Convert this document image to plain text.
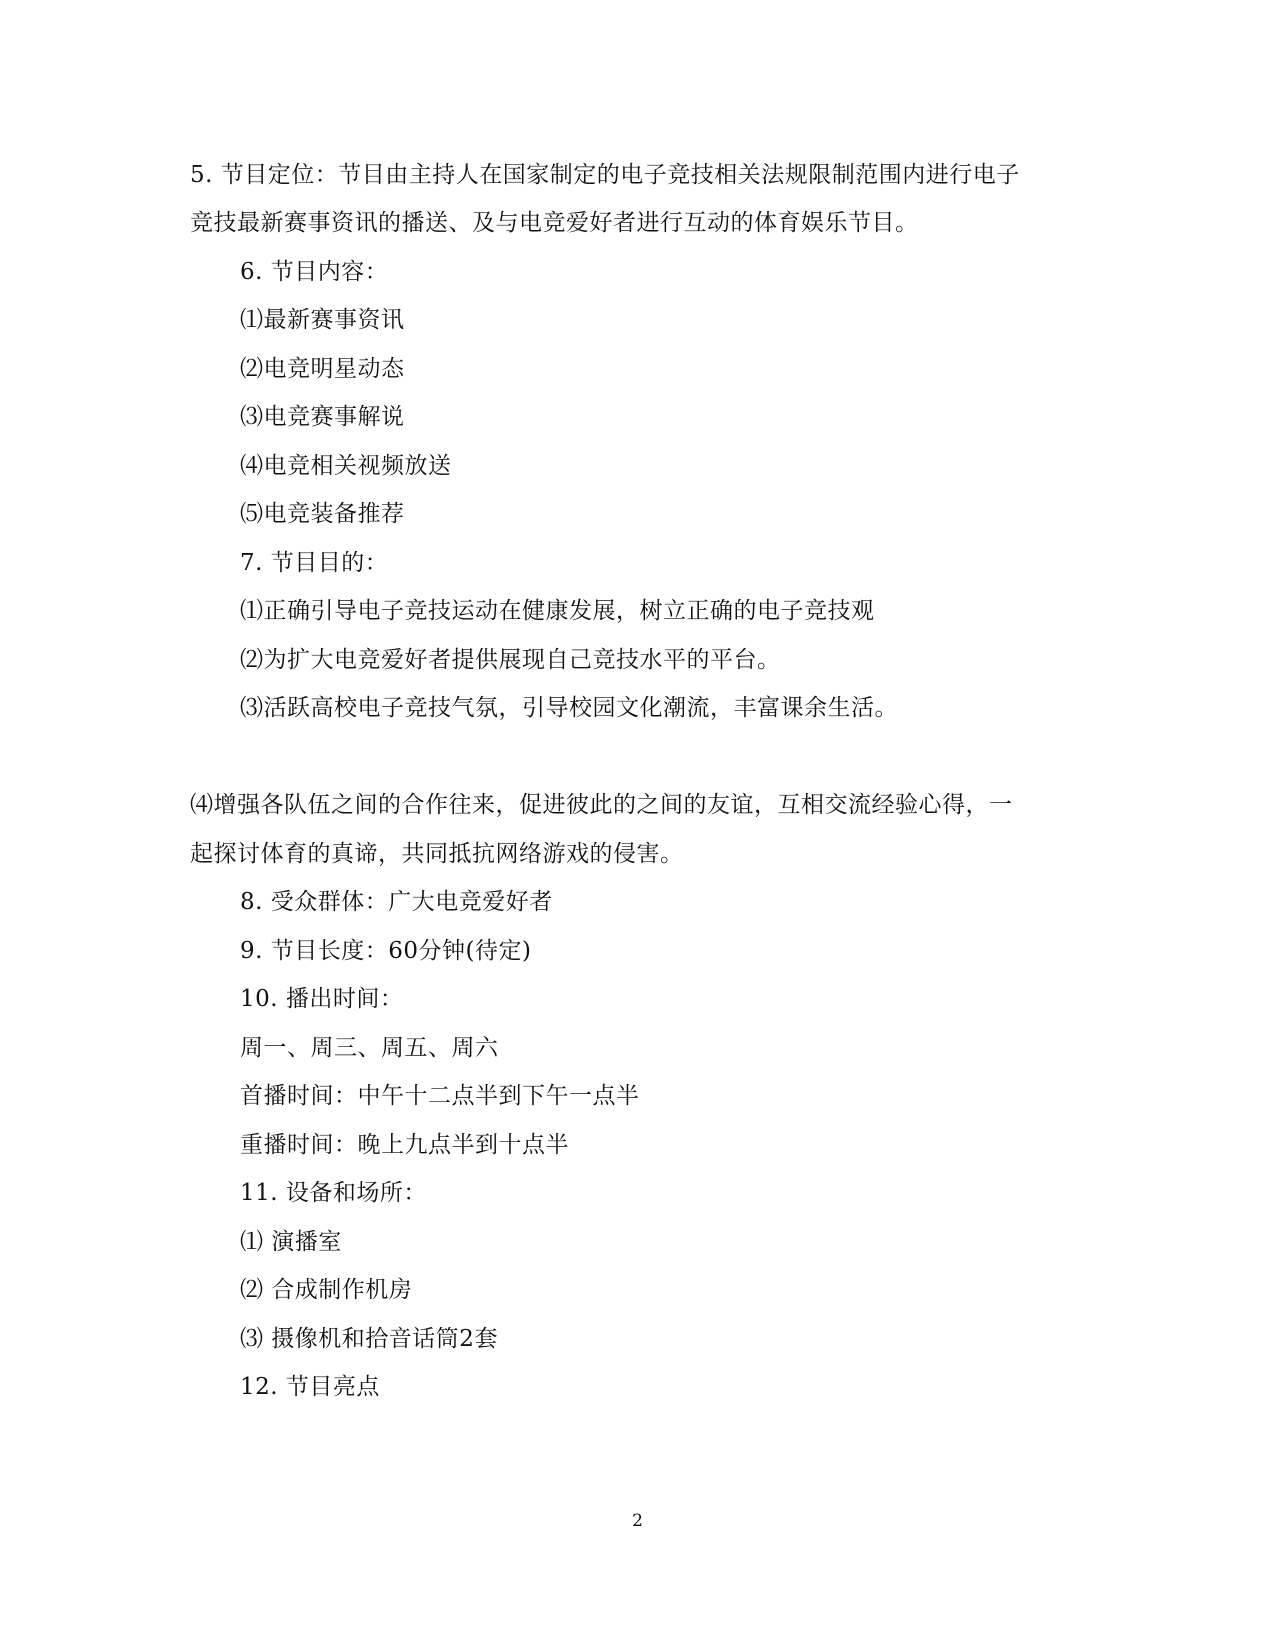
5. 节目定位：节目由主持人在国家制定的电子竞技相关法规限制范围内进行电子
竞技最新赛事资讯的播送、及与电竞爱好者进行互动的体育娱乐节目。
6. 节目内容：
⑴最新赛事资讯
⑵电竞明星动态
⑶电竞赛事解说
⑷电竞相关视频放送
⑸电竞装备推荐
7. 节目目的：
⑴正确引导电子竞技运动在健康发展，树立正确的电子竞技观
⑵为扩大电竞爱好者提供展现自己竞技水平的平台。
⑶活跃高校电子竞技气氛，引导校园文化潮流，丰富课余生活。
⑷增强各队伍之间的合作往来，促进彼此的之间的友谊，互相交流经验心得，一
起探讨体育的真谛，共同抵抗网络游戏的侵害。
8. 受众群体：广大电竞爱好者
9. 节目长度：60分钟(待定)
10. 播出时间：
周一、周三、周五、周六
首播时间：中午十二点半到下午一点半
重播时间：晚上九点半到十点半
11. 设备和场所：
⑴ 演播室
⑵ 合成制作机房
⑶ 摄像机和拾音话筒2套
12. 节目亮点
2
